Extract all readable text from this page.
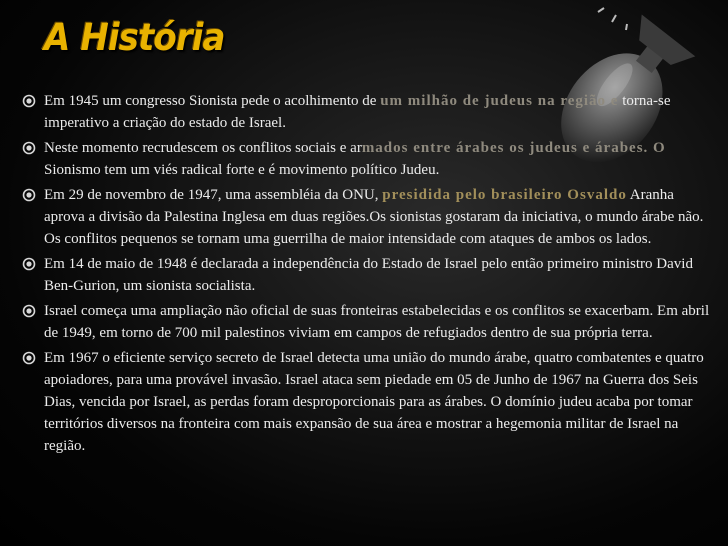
A História
Em 1945 um congresso Sionista pede o acolhimento de um milhão de judeus na região e torna-se imperativo a criação do estado de Israel.
Neste momento recrudescem os conflitos sociais e armados entre árabes os judeus e árabes. O Sionismo tem um viés radical forte e é movimento político Judeu.
Em 29 de novembro de 1947, uma assembléia da ONU, presidida pelo brasileiro Osvaldo Aranha aprova a divisão da Palestina Inglesa em duas regiões.Os sionistas gostaram da iniciativa, o mundo árabe não. Os conflitos pequenos se tornam uma guerrilha de maior intensidade com ataques de ambos os lados.
Em 14 de maio de 1948 é declarada a independência do Estado de Israel pelo então primeiro ministro David Ben-Gurion, um sionista socialista.
Israel começa uma ampliação não oficial de suas fronteiras estabelecidas e os conflitos se exacerbam. Em abril de 1949, em torno de 700 mil palestinos viviam em campos de refugiados dentro de sua própria terra.
Em 1967 o eficiente serviço secreto de Israel detecta uma união do mundo árabe, quatro combatentes e quatro apoiadores, para uma provável invasão. Israel ataca sem piedade em 05 de Junho de 1967 na Guerra dos Seis Dias, vencida por Israel, as perdas foram desproporcionais para as árabes. O domínio judeu acaba por tomar territórios diversos na fronteira com mais expansão de sua área e mostrar a hegemonia militar de Israel na região.
